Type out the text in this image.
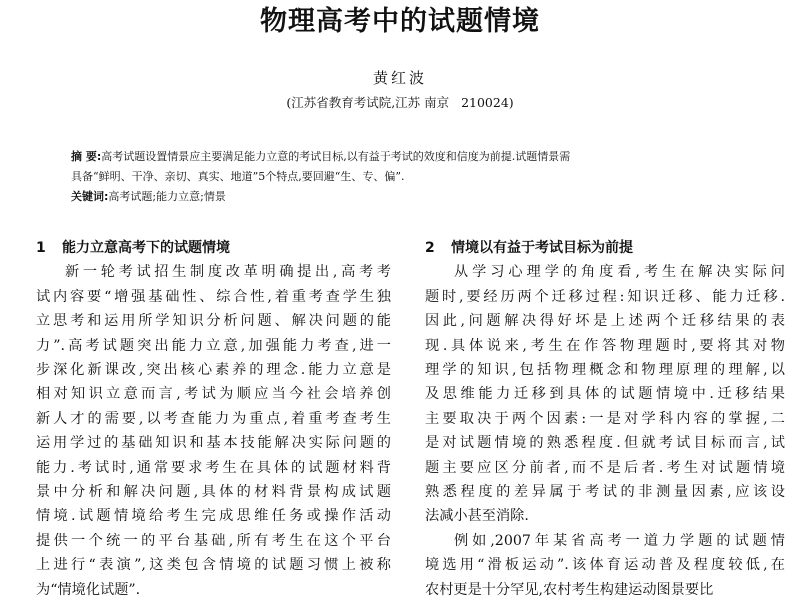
物理高考中的试题情境
黄红波
(江苏省教育考试院,江苏 南京   210024)
摘 要:高考试题设置情景应主要满足能力立意的考试目标,以有益于考试的效度和信度为前提.试题情景需
具备“鲜明、干净、亲切、真实、地道”5个特点,要回避“生、专、偏”.
关键词:高考试题;能力立意;情景
1 能力立意高考下的试题情境
新一轮考试招生制度改革明确提出,高考考
试内容要“增强基础性、综合性,着重考查学生独
立思考和运用所学知识分析问题、解决问题的能
力”.高考试题突出能力立意,加强能力考查,进一
步深化新课改,突出核心素养的理念.能力立意是
相对知识立意而言,考试为顺应当今社会培养创
新人才的需要,以考查能力为重点,着重考查考生
运用学过的基础知识和基本技能解决实际问题的
能力.考试时,通常要求考生在具体的试题材料背
景中分析和解决问题,具体的材料背景构成试题
情境.试题情境给考生完成思维任务或操作活动
提供一个统一的平台基础,所有考生在这个平台
上进行“表演”,这类包含情境的试题习惯上被称
为“情境化试题”.
2 情境以有益于考试目标为前提
从学习心理学的角度看,考生在解决实际问
题时,要经历两个迁移过程:知识迁移、能力迁移.
因此,问题解决得好坏是上述两个迁移结果的表
现.具体说来,考生在作答物理题时,要将其对物
理学的知识,包括物理概念和物理原理的理解,以
及思维能力迁移到具体的试题情境中.迁移结果
主要取决于两个因素:一是对学科内容的掌握,二
是对试题情境的熟悉程度.但就考试目标而言,试
题主要应区分前者,而不是后者.考生对试题情境
熟悉程度的差异属于考试的非测量因素,应该设
法减小甚至消除.
例如,2007年某省高考一道力学题的试题情
境选用“滑板运动”.该体育运动普及程度较低,在
农村更是十分罕见,农村考生构建运动图景要比
